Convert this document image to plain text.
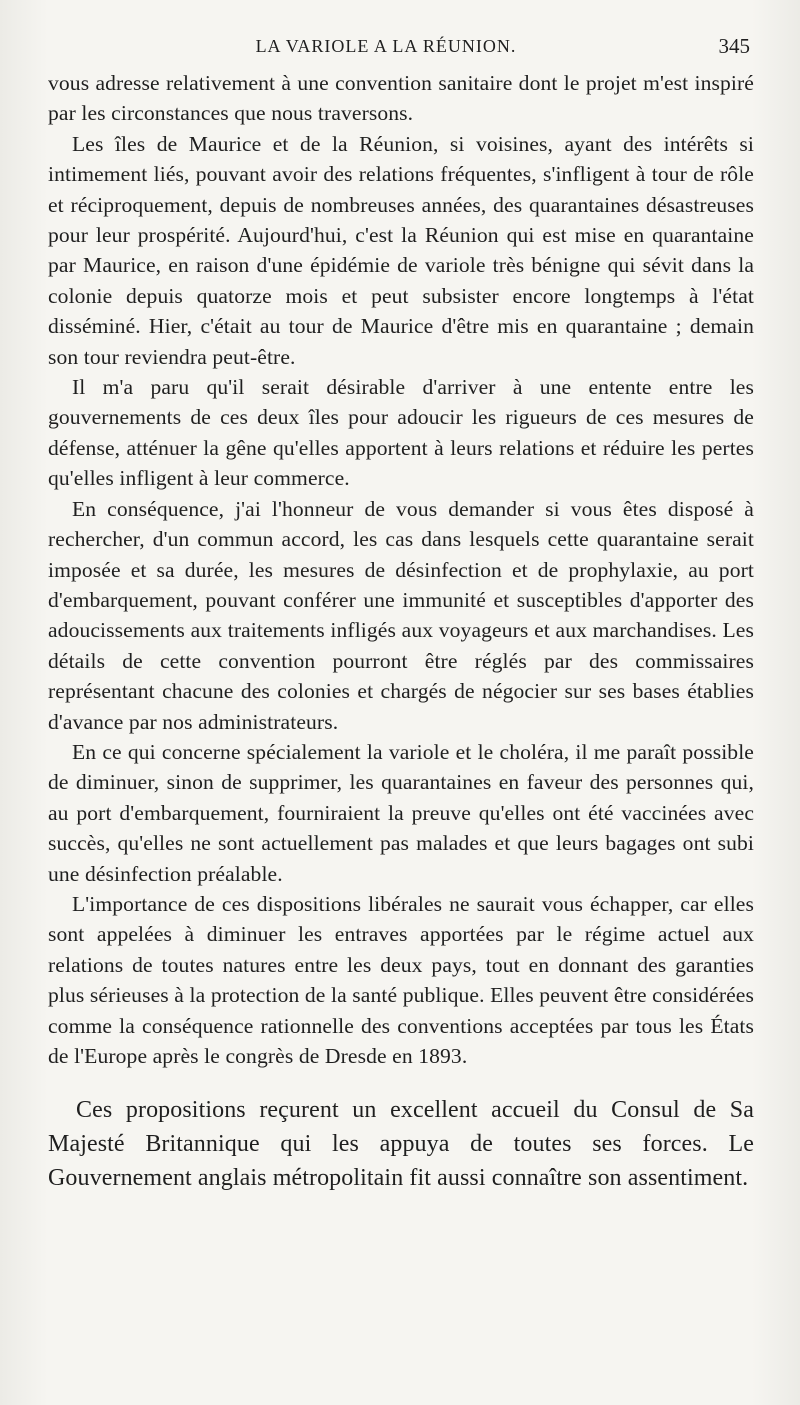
LA VARIOLE A LA RÉUNION.	345

vous adresse relativement à une convention sanitaire dont le projet m'est inspiré par les circonstances que nous traversons.

Les îles de Maurice et de la Réunion, si voisines, ayant des intérêts si intimement liés, pouvant avoir des relations fréquentes, s'infligent à tour de rôle et réciproquement, depuis de nombreuses années, des quarantaines désastreuses pour leur prospérité. Aujourd'hui, c'est la Réunion qui est mise en quarantaine par Maurice, en raison d'une épidémie de variole très bénigne qui sévit dans la colonie depuis quatorze mois et peut subsister encore longtemps à l'état disséminé. Hier, c'était au tour de Maurice d'être mis en quarantaine ; demain son tour reviendra peut-être.

Il m'a paru qu'il serait désirable d'arriver à une entente entre les gouvernements de ces deux îles pour adoucir les rigueurs de ces mesures de défense, atténuer la gêne qu'elles apportent à leurs relations et réduire les pertes qu'elles infligent à leur commerce.

En conséquence, j'ai l'honneur de vous demander si vous êtes disposé à rechercher, d'un commun accord, les cas dans lesquels cette quarantaine serait imposée et sa durée, les mesures de désinfection et de prophylaxie, au port d'embarquement, pouvant conférer une immunité et susceptibles d'apporter des adoucissements aux traitements infligés aux voyageurs et aux marchandises. Les détails de cette convention pourront être réglés par des commissaires représentant chacune des colonies et chargés de négocier sur ses bases établies d'avance par nos administrateurs.

En ce qui concerne spécialement la variole et le choléra, il me paraît possible de diminuer, sinon de supprimer, les quarantaines en faveur des personnes qui, au port d'embarquement, fourniraient la preuve qu'elles ont été vaccinées avec succès, qu'elles ne sont actuellement pas malades et que leurs bagages ont subi une désinfection préalable.

L'importance de ces dispositions libérales ne saurait vous échapper, car elles sont appelées à diminuer les entraves apportées par le régime actuel aux relations de toutes natures entre les deux pays, tout en donnant des garanties plus sérieuses à la protection de la santé publique. Elles peuvent être considérées comme la conséquence rationnelle des conventions acceptées par tous les États de l'Europe après le congrès de Dresde en 1893.

Ces propositions reçurent un excellent accueil du Consul de Sa Majesté Britannique qui les appuya de toutes ses forces. Le Gouvernement anglais métropolitain fit aussi connaître son assentiment.
